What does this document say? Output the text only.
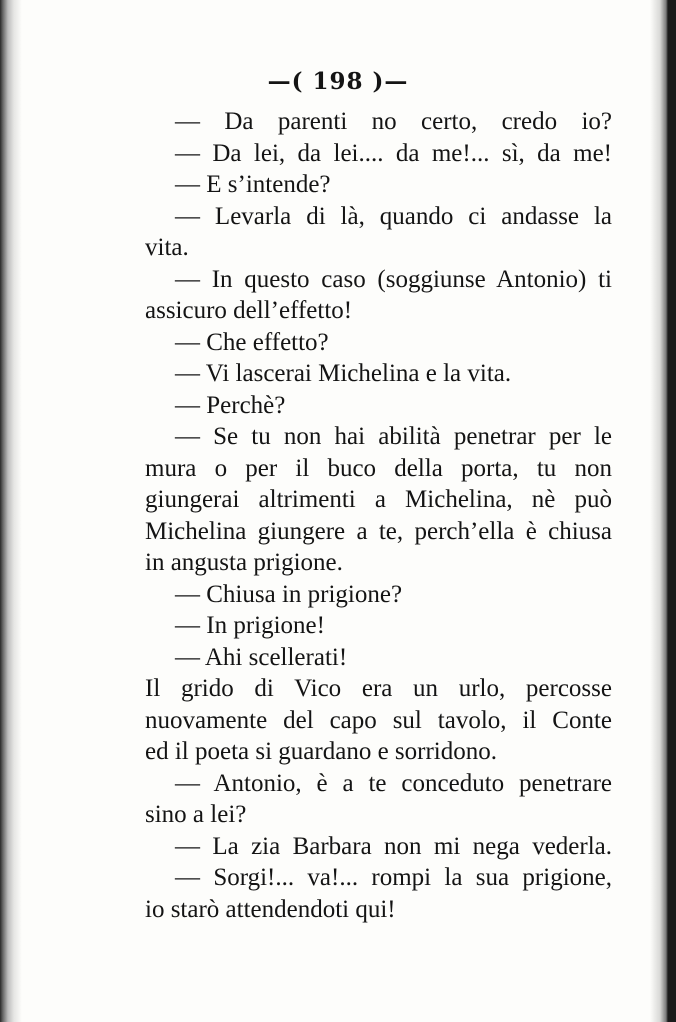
—( 198 )—
— Da parenti no certo, credo io?
— Da lei, da lei.... da me!... sì, da me!
— E s’intende?
— Levarla di là, quando ci andasse la
vita.
— In questo caso (soggiunse Antonio) ti
assicuro dell’effetto!
— Che effetto?
— Vi lascerai Michelina e la vita.
— Perchè?
— Se tu non hai abilità penetrar per le
mura o per il buco della porta, tu non
giungerai altrimenti a Michelina, nè può
Michelina giungere a te, perch’ella è chiusa
in angusta prigione.
— Chiusa in prigione?
— In prigione!
— Ahi scellerati!
Il grido di Vico era un urlo, percosse
nuovamente del capo sul tavolo, il Conte
ed il poeta si guardano e sorridono.
— Antonio, è a te conceduto penetrare
sino a lei?
— La zia Barbara non mi nega vederla.
— Sorgi!... va!... rompi la sua prigione,
io starò attendendoti qui!
